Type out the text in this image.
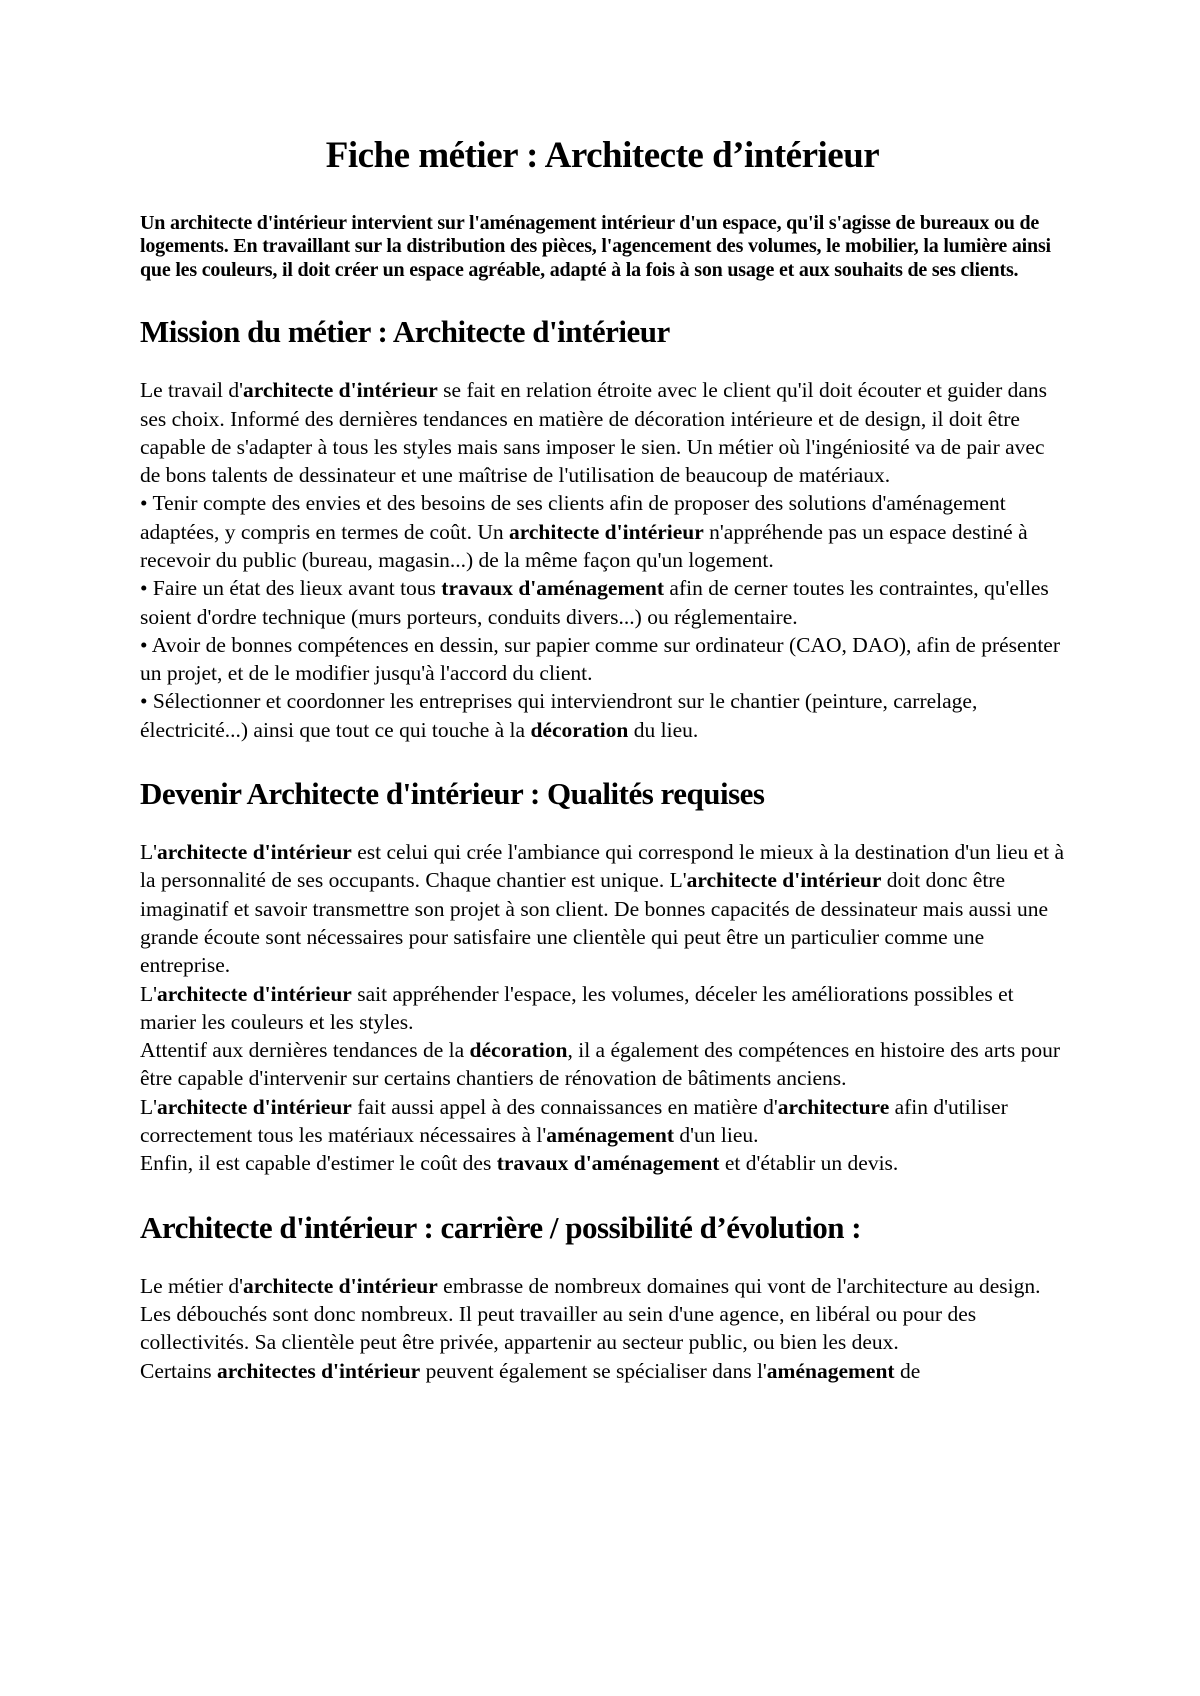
Fiche métier : Architecte d’intérieur

Un architecte d'intérieur intervient sur l'aménagement intérieur d'un espace, qu'il s'agisse de bureaux ou de logements. En travaillant sur la distribution des pièces, l'agencement des volumes, le mobilier, la lumière ainsi que les couleurs, il doit créer un espace agréable, adapté à la fois à son usage et aux souhaits de ses clients.

Mission du métier : Architecte d'intérieur

Le travail d'architecte d'intérieur se fait en relation étroite avec le client qu'il doit écouter et guider dans ses choix. Informé des dernières tendances en matière de décoration intérieure et de design, il doit être capable de s'adapter à tous les styles mais sans imposer le sien. Un métier où l'ingéniosité va de pair avec de bons talents de dessinateur et une maîtrise de l'utilisation de beaucoup de matériaux.

• Tenir compte des envies et des besoins de ses clients afin de proposer des solutions d'aménagement adaptées, y compris en termes de coût. Un architecte d'intérieur n'appréhende pas un espace destiné à recevoir du public (bureau, magasin...) de la même façon qu'un logement.

• Faire un état des lieux avant tous travaux d'aménagement afin de cerner toutes les contraintes, qu'elles soient d'ordre technique (murs porteurs, conduits divers...) ou réglementaire.

• Avoir de bonnes compétences en dessin, sur papier comme sur ordinateur (CAO, DAO), afin de présenter un projet, et de le modifier jusqu'à l'accord du client.

• Sélectionner et coordonner les entreprises qui interviendront sur le chantier (peinture, carrelage, électricité...) ainsi que tout ce qui touche à la décoration du lieu.

Devenir Architecte d'intérieur : Qualités requises

L'architecte d'intérieur est celui qui crée l'ambiance qui correspond le mieux à la destination d'un lieu et à la personnalité de ses occupants. Chaque chantier est unique. L'architecte d'intérieur doit donc être imaginatif et savoir transmettre son projet à son client. De bonnes capacités de dessinateur mais aussi une grande écoute sont nécessaires pour satisfaire une clientèle qui peut être un particulier comme une entreprise.

L'architecte d'intérieur sait appréhender l'espace, les volumes, déceler les améliorations possibles et marier les couleurs et les styles.

Attentif aux dernières tendances de la décoration, il a également des compétences en histoire des arts pour être capable d'intervenir sur certains chantiers de rénovation de bâtiments anciens.

L'architecte d'intérieur fait aussi appel à des connaissances en matière d'architecture afin d'utiliser correctement tous les matériaux nécessaires à l'aménagement d'un lieu.

Enfin, il est capable d'estimer le coût des travaux d'aménagement et d'établir un devis.

Architecte d'intérieur : carrière / possibilité d’évolution :

Le métier d'architecte d'intérieur embrasse de nombreux domaines qui vont de l'architecture au design. Les débouchés sont donc nombreux. Il peut travailler au sein d'une agence, en libéral ou pour des collectivités. Sa clientèle peut être privée, appartenir au secteur public, ou bien les deux.

Certains architectes d'intérieur peuvent également se spécialiser dans l'aménagement de
